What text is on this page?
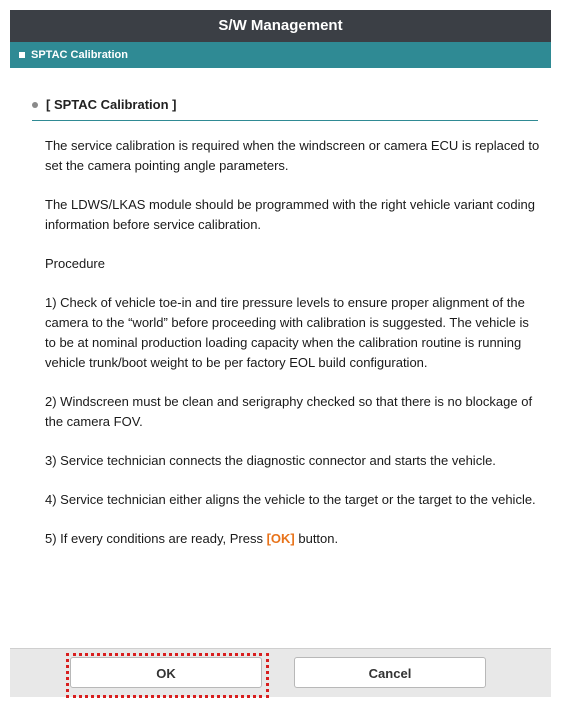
S/W Management
SPTAC Calibration
[ SPTAC Calibration ]

The service calibration is required when the windscreen or camera ECU is replaced to set the camera pointing angle parameters.

The LDWS/LKAS module should be programmed with the right vehicle variant coding information before service calibration.

Procedure

1) Check of vehicle toe-in and tire pressure levels to ensure proper alignment of the camera to the “world” before proceeding with calibration is suggested. The vehicle is to be at nominal production loading capacity when the calibration routine is running vehicle trunk/boot weight to be per factory EOL build configuration.

2) Windscreen must be clean and serigraphy checked so that there is no blockage of the camera FOV.

3) Service technician connects the diagnostic connector and starts the vehicle.

4) Service technician either aligns the vehicle to the target or the target to the vehicle.

5) If every conditions are ready, Press [OK] button.

OK	Cancel
